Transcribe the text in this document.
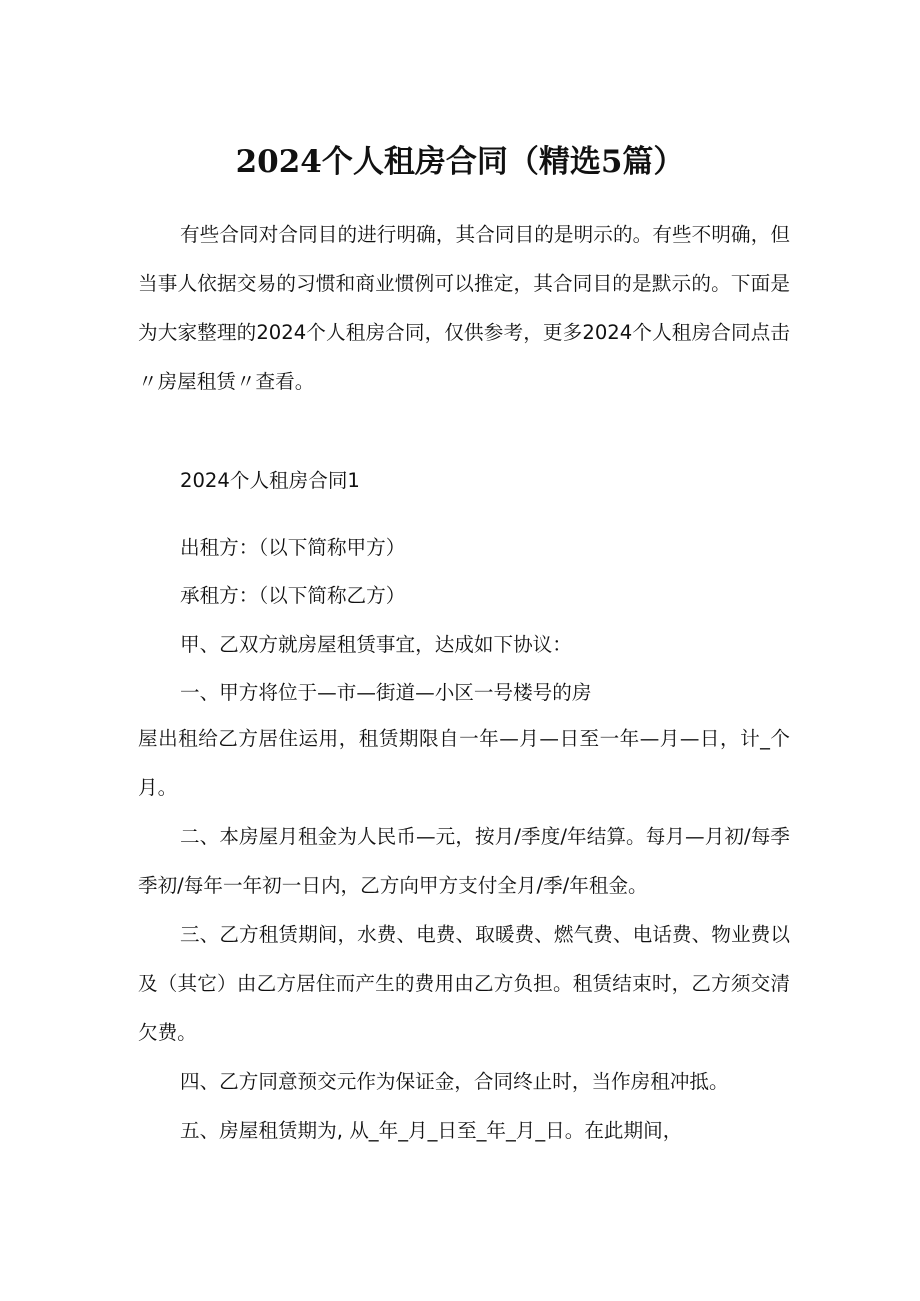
2024个人租房合同（精选5篇）
有些合同对合同目的进行明确，其合同目的是明示的。有些不明确，但当事人依据交易的习惯和商业惯例可以推定，其合同目的是默示的。下面是为大家整理的2024个人租房合同，仅供参考，更多2024个人租房合同点击〃房屋租赁〃查看。
2024个人租房合同1
出租方：（以下简称甲方）
承租方：（以下简称乙方）
甲、乙双方就房屋租赁事宜，达成如下协议：
一、甲方将位于—市—街道—小区一号楼号的房
屋出租给乙方居住运用，租赁期限自一年—月—日至一年—月—日，计_个月。
二、本房屋月租金为人民币—元，按月/季度/年结算。每月—月初/每季季初/每年一年初一日内，乙方向甲方支付全月/季/年租金。
三、乙方租赁期间，水费、电费、取暖费、燃气费、电话费、物业费以及（其它）由乙方居住而产生的费用由乙方负担。租赁结束时，乙方须交清欠费。
四、乙方同意预交元作为保证金，合同终止时，当作房租冲抵。
五、房屋租赁期为, 从_年_月_日至_年_月_日。在此期间，
